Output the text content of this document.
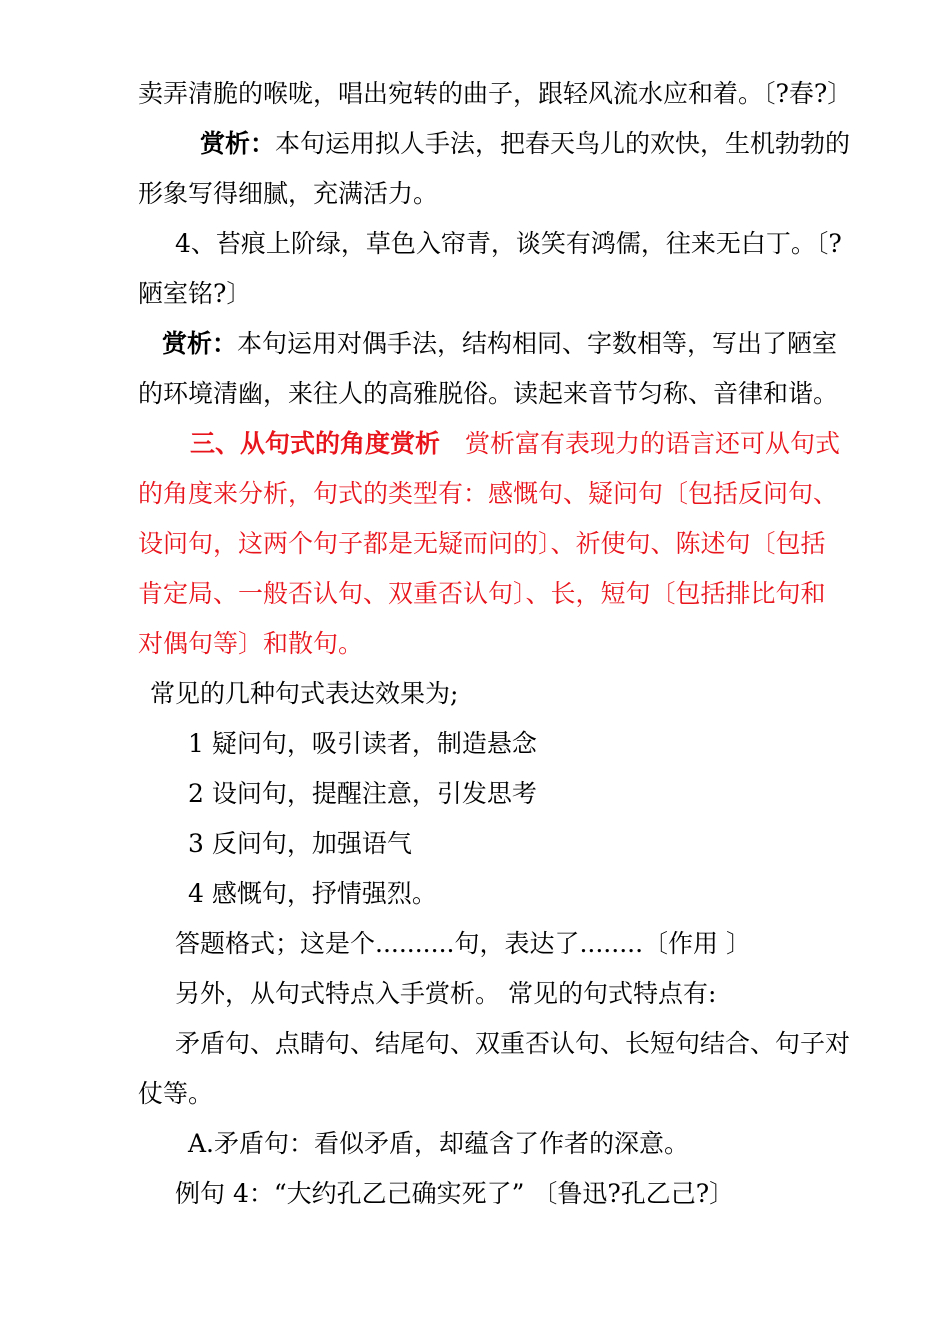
卖弄清脆的喉咙，唱出宛转的曲子，跟轻风流水应和着。〔?春?〕
赏析：本句运用拟人手法，把春天鸟儿的欢快，生机勃勃的
形象写得细腻，充满活力。
4、苔痕上阶绿，草色入帘青，谈笑有鸿儒，往来无白丁。〔?
陋室铭?〕
赏析：本句运用对偶手法，结构相同、字数相等，写出了陋室
的环境清幽，来往人的高雅脱俗。读起来音节匀称、音律和谐。
三、从句式的角度赏析 赏析富有表现力的语言还可从句式
的角度来分析，句式的类型有：感慨句、疑问句〔包括反问句、
设问句，这两个句子都是无疑而问的〕、祈使句、陈述句〔包括
肯定局、一般否认句、双重否认句〕、长，短句〔包括排比句和
对偶句等〕和散句。
常见的几种句式表达效果为;
1 疑问句，吸引读者，制造悬念
2 设问句，提醒注意，引发思考
3 反问句，加强语气
4 感慨句，抒情强烈。
答题格式；这是个..........句，表达了........〔作用 〕
另外，从句式特点入手赏析。 常见的句式特点有:
矛盾句、点睛句、结尾句、双重否认句、长短句结合、句子对
仗等。
A.矛盾句：看似矛盾，却蕴含了作者的深意。
例句 4：“大约孔乙己确实死了” 〔鲁迅?孔乙己?〕
